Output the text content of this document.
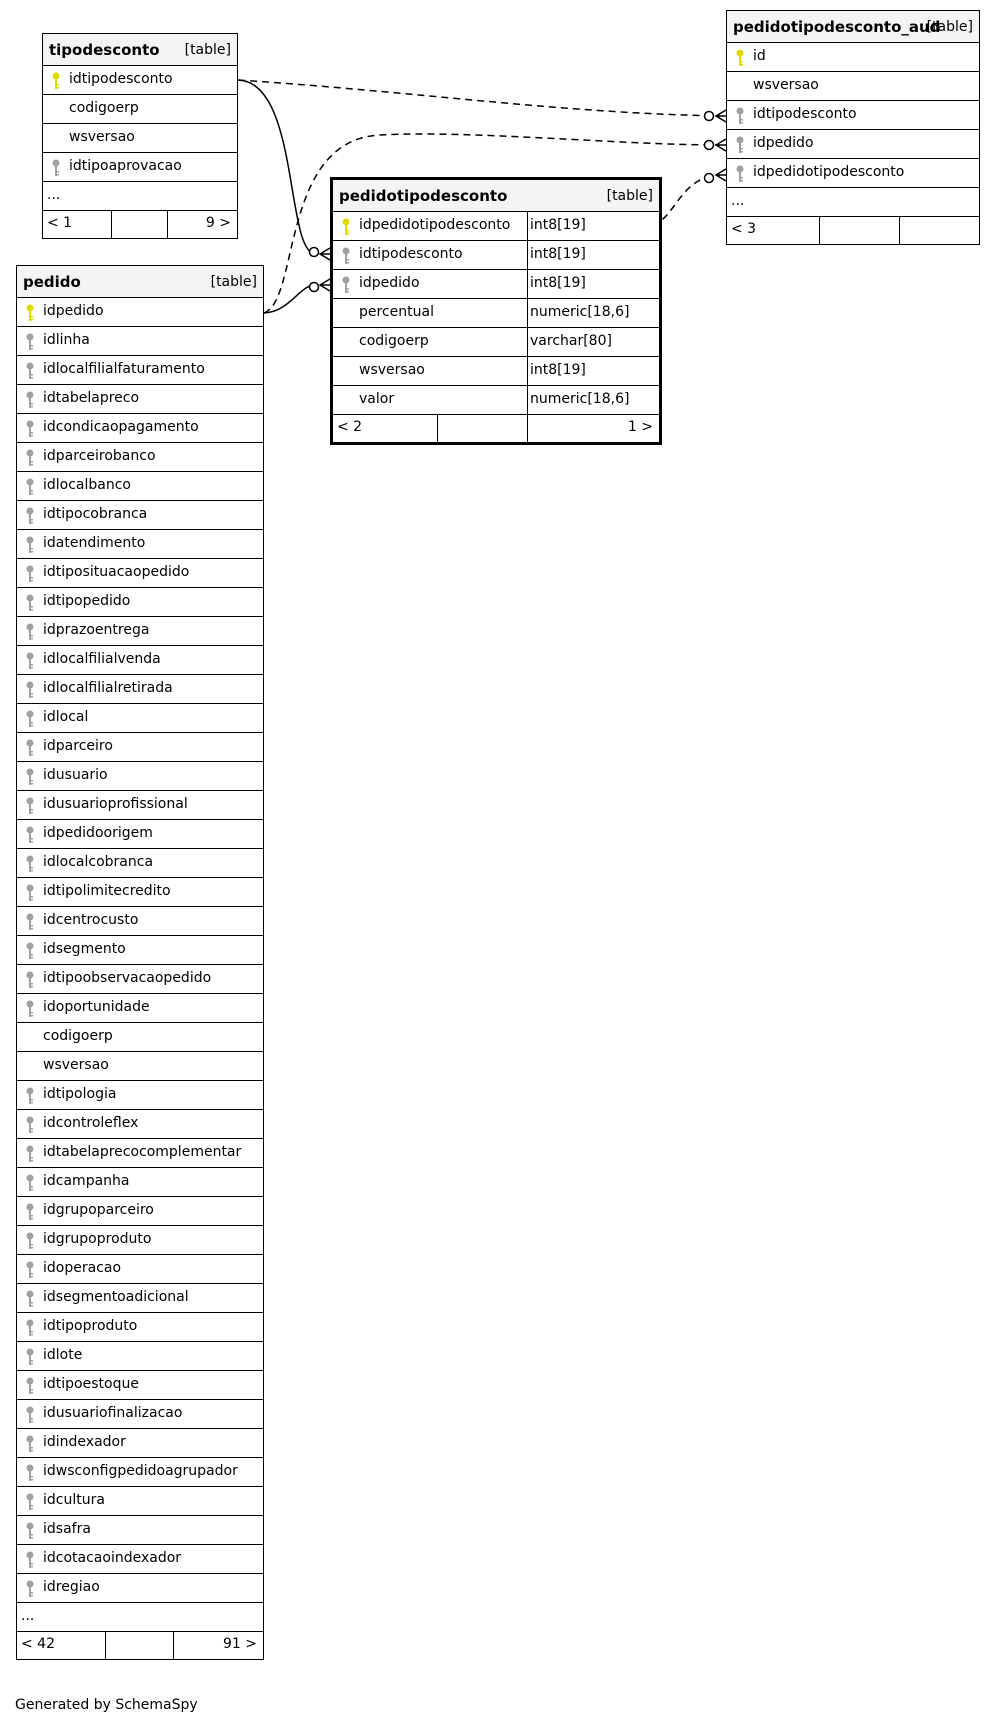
tipodesconto [table]
idtipodesconto
codigoerp
wsversao
idtipoaprovacao
...
< 1	9 >
pedidotipodesconto_aud
[table]
id
wsversao
idtipodesconto
idpedido
idpedidotipodesconto
...
< 3
pedidotipodesconto	[table]
idpedidotipodesconto int8[19]
idtipodesconto	int8[19]
idpedido	int8[19]
percentual	numeric[18,6]
codigoerp	varchar[80]
wsversao	int8[19]
valor	numeric[18,6]
< 2	1 >
pedido	[table]
idpedido
idlinha
idlocalfilialfaturamento
idtabelapreco
idcondicaopagamento
idparceirobanco
idlocalbanco
idtipocobranca
idatendimento
idtiposituacaopedido
idtipopedido
idprazoentrega
idlocalfilialvenda
idlocalfilialretirada
idlocal
idparceiro
idusuario
idusuarioprofissional
idpedidoorigem
idlocalcobranca
idtipolimitecredito
idcentrocusto
idsegmento
idtipoobservacaopedido
idoportunidade
codigoerp
wsversao
idtipologia
idcontroleflex
idtabelaprecocomplementar
idcampanha
idgrupoparceiro
idgrupoproduto
idoperacao
idsegmentoadicional
idtipoproduto
idlote
idtipoestoque
idusuariofinalizacao
idindexador
idwsconfigpedidoagrupador
idcultura
idsafra
idcotacaoindexador
idregiao
...
< 42	91 >
Generated by SchemaSpy
